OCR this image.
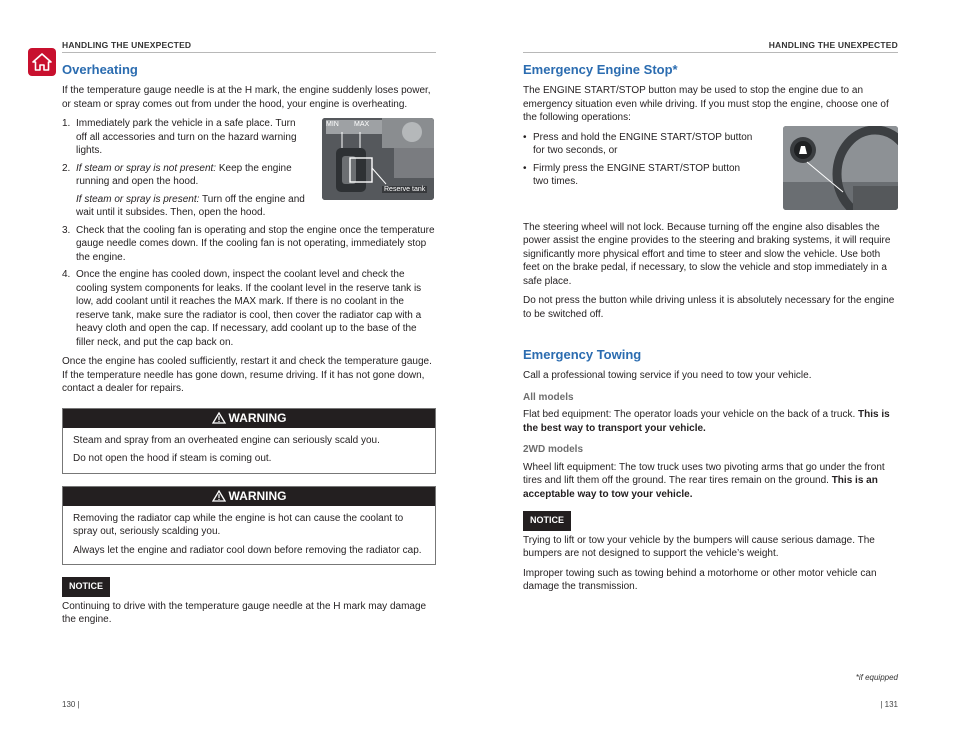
HANDLING THE UNEXPECTED
Overheating

If the temperature gauge needle is at the H mark, the engine suddenly loses power, or steam or spray comes out from under the hood, your engine is overheating.

1. Immediately park the vehicle in a safe place. Turn off all accessories and turn on the hazard warning lights.
2. If steam or spray is not present: Keep the engine running and open the hood.
If steam or spray is present: Turn off the engine and wait until it subsides. Then, open the hood.
3. Check that the cooling fan is operating and stop the engine once the temperature gauge needle comes down. If the cooling fan is not operating, immediately stop the engine.
4. Once the engine has cooled down, inspect the coolant level and check the cooling system components for leaks. If the coolant level in the reserve tank is low, add coolant until it reaches the MAX mark. If there is no coolant in the reserve tank, make sure the radiator is cool, then cover the radiator cap with a heavy cloth and open the cap. If necessary, add coolant up to the base of the filler neck, and put the cap back on.

Once the engine has cooled sufficiently, restart it and check the temperature gauge. If the temperature needle has gone down, resume driving. If it has not gone down, contact a dealer for repairs.

WARNING

Steam and spray from an overheated engine can seriously scald you.

Do not open the hood if steam is coming out.

WARNING

Removing the radiator cap while the engine is hot can cause the coolant to spray out, seriously scalding you.

Always let the engine and radiator cool down before removing the radiator cap.

NOTICE

Continuing to drive with the temperature gauge needle at the H mark may damage the engine.

MIN MAX
Reserve tank
130 |
HANDLING THE UNEXPECTED
Emergency Engine Stop*

The ENGINE START/STOP button may be used to stop the engine due to an emergency situation even while driving. If you must stop the engine, choose one of the following operations:

• Press and hold the ENGINE START/STOP button for two seconds, or
• Firmly press the ENGINE START/STOP button two times.

The steering wheel will not lock. Because turning off the engine also disables the power assist the engine provides to the steering and braking systems, it will require significantly more physical effort and time to steer and slow the vehicle. Use both feet on the brake pedal, if necessary, to slow the vehicle and stop immediately in a safe place.

Do not press the button while driving unless it is absolutely necessary for the engine to be switched off.

Emergency Towing

Call a professional towing service if you need to tow your vehicle.

All models

Flat bed equipment: The operator loads your vehicle on the back of a truck. This is the best way to transport your vehicle.

2WD models

Wheel lift equipment: The tow truck uses two pivoting arms that go under the front tires and lift them off the ground. The rear tires remain on the ground. This is an acceptable way to tow your vehicle.

NOTICE

Trying to lift or tow your vehicle by the bumpers will cause serious damage. The bumpers are not designed to support the vehicle’s weight.

Improper towing such as towing behind a motorhome or other motor vehicle can damage the transmission.

*if equipped
| 131
